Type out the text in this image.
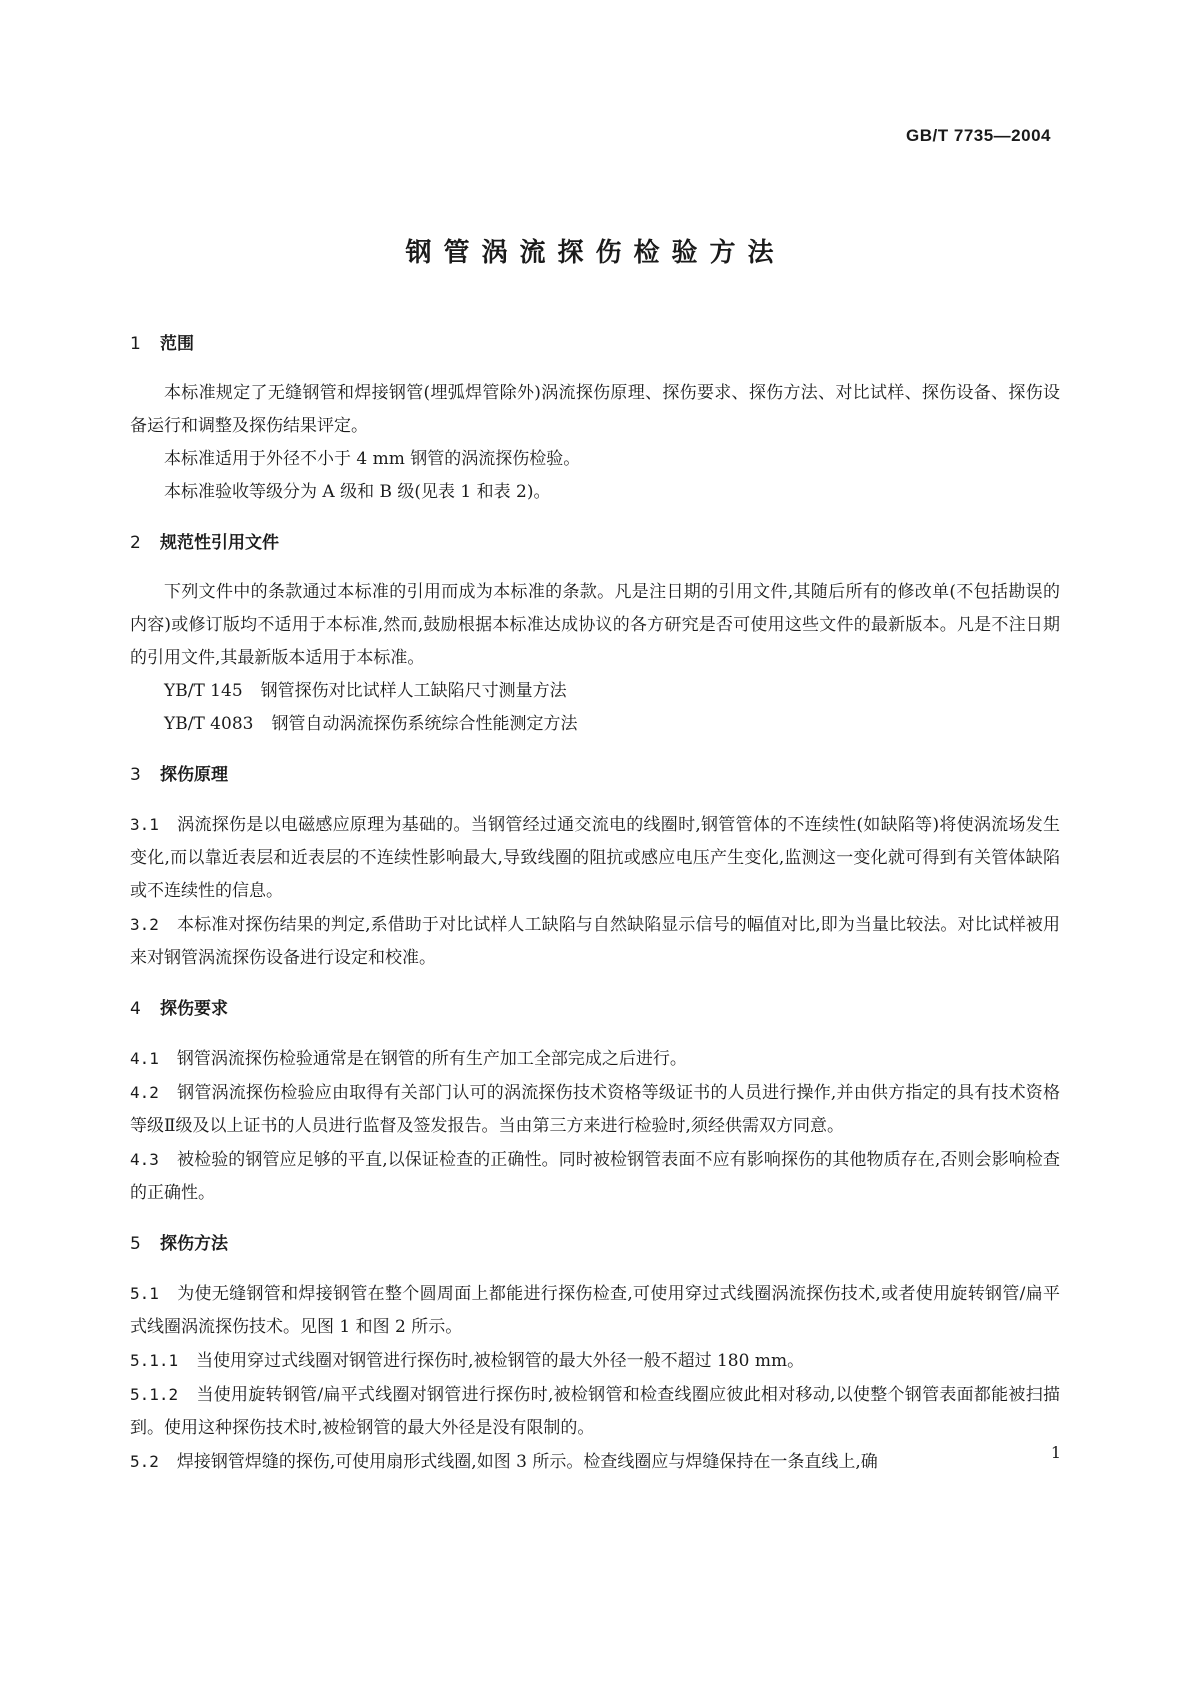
GB/T 7735—2004
钢管涡流探伤检验方法
1 范围

本标准规定了无缝钢管和焊接钢管(埋弧焊管除外)涡流探伤原理、探伤要求、探伤方法、对比试样、探伤设备、探伤设备运行和调整及探伤结果评定。

本标准适用于外径不小于 4 mm 钢管的涡流探伤检验。

本标准验收等级分为 A 级和 B 级(见表 1 和表 2)。

2 规范性引用文件

下列文件中的条款通过本标准的引用而成为本标准的条款。凡是注日期的引用文件,其随后所有的修改单(不包括勘误的内容)或修订版均不适用于本标准,然而,鼓励根据本标准达成协议的各方研究是否可使用这些文件的最新版本。凡是不注日期的引用文件,其最新版本适用于本标准。

YB/T 145 钢管探伤对比试样人工缺陷尺寸测量方法

YB/T 4083 钢管自动涡流探伤系统综合性能测定方法

3 探伤原理

3.1 涡流探伤是以电磁感应原理为基础的。当钢管经过通交流电的线圈时,钢管管体的不连续性(如缺陷等)将使涡流场发生变化,而以靠近表层和近表层的不连续性影响最大,导致线圈的阻抗或感应电压产生变化,监测这一变化就可得到有关管体缺陷或不连续性的信息。

3.2 本标准对探伤结果的判定,系借助于对比试样人工缺陷与自然缺陷显示信号的幅值对比,即为当量比较法。对比试样被用来对钢管涡流探伤设备进行设定和校准。

4 探伤要求

4.1 钢管涡流探伤检验通常是在钢管的所有生产加工全部完成之后进行。

4.2 钢管涡流探伤检验应由取得有关部门认可的涡流探伤技术资格等级证书的人员进行操作,并由供方指定的具有技术资格等级Ⅱ级及以上证书的人员进行监督及签发报告。当由第三方来进行检验时,须经供需双方同意。

4.3 被检验的钢管应足够的平直,以保证检查的正确性。同时被检钢管表面不应有影响探伤的其他物质存在,否则会影响检查的正确性。

5 探伤方法

5.1 为使无缝钢管和焊接钢管在整个圆周面上都能进行探伤检查,可使用穿过式线圈涡流探伤技术,或者使用旋转钢管/扁平式线圈涡流探伤技术。见图 1 和图 2 所示。

5.1.1 当使用穿过式线圈对钢管进行探伤时,被检钢管的最大外径一般不超过 180 mm。

5.1.2 当使用旋转钢管/扁平式线圈对钢管进行探伤时,被检钢管和检查线圈应彼此相对移动,以使整个钢管表面都能被扫描到。使用这种探伤技术时,被检钢管的最大外径是没有限制的。

5.2 焊接钢管焊缝的探伤,可使用扇形式线圈,如图 3 所示。检查线圈应与焊缝保持在一条直线上,确	1
